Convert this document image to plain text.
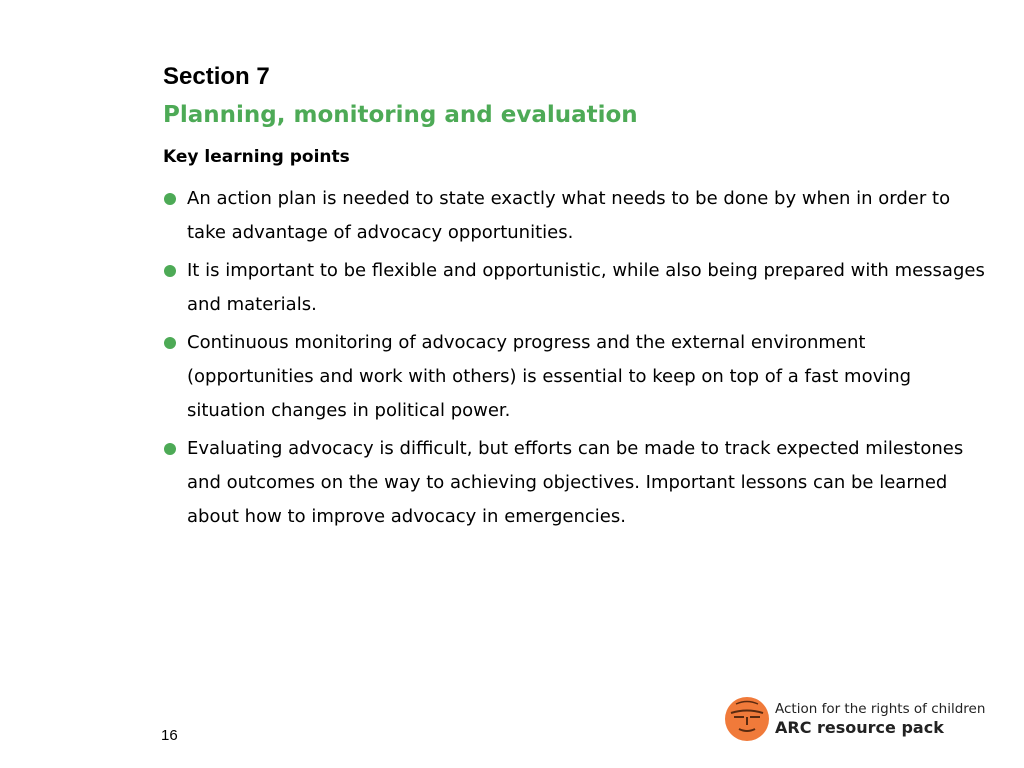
Section 7
Planning, monitoring and evaluation
Key learning points
An action plan is needed to state exactly what needs to be done by when in order to take advantage of advocacy opportunities.
It is important to be flexible and opportunistic, while also being prepared with messages and materials.
Continuous monitoring of advocacy progress and the external environment (opportunities and work with others) is essential to keep on top of a fast moving situation changes in political power.
Evaluating advocacy is difficult, but efforts can be made to track expected milestones and outcomes on the way to achieving objectives. Important lessons can be learned about how to improve advocacy in emergencies.
16
Action for the rights of children
ARC resource pack
